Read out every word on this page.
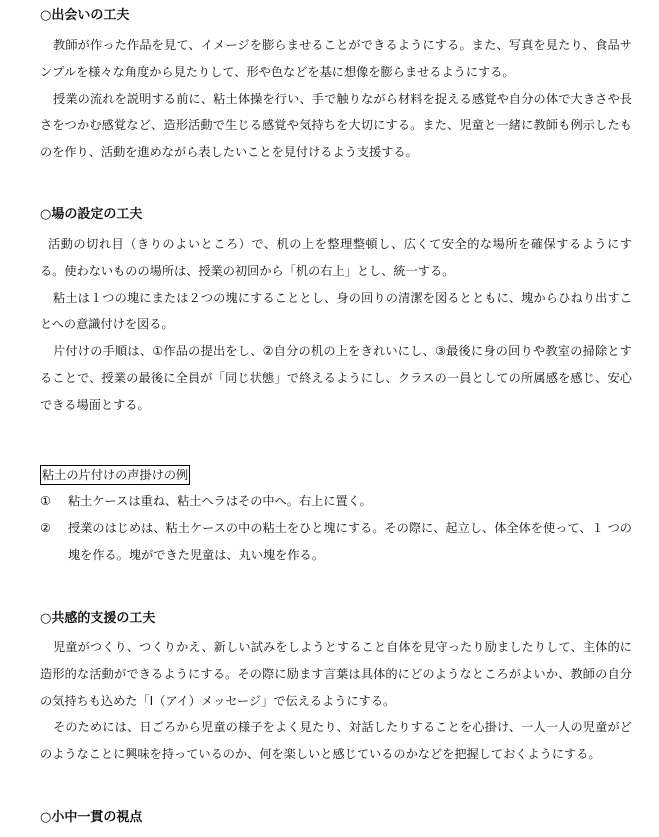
○出会いの工夫

教師が作った作品を見て、イメージを膨らませることができるようにする。また、写真を見たり、食品サンプルを様々な角度から見たりして、形や色などを基に想像を膨らませるようにする。

授業の流れを説明する前に、粘土体操を行い、手で触りながら材料を捉える感覚や自分の体で大きさや長さをつかむ感覚など、造形活動で生じる感覚や気持ちを大切にする。また、児童と一緒に教師も例示したものを作り、活動を進めながら表したいことを見付けるよう支援する。

○場の設定の工夫

活動の切れ目（きりのよいところ）で、机の上を整理整頓し、広くて安全的な場所を確保するようにする。使わないものの場所は、授業の初回から「机の右上」とし、統一する。

粘土は１つの塊にまたは２つの塊にすることとし、身の回りの清潔を図るとともに、塊からひねり出すことへの意識付けを図る。

片付けの手順は、①作品の提出をし、②自分の机の上をきれいにし、③最後に身の回りや教室の掃除とすることで、授業の最後に全員が「同じ状態」で終えるようにし、クラスの一員としての所属感を感じ、安心できる場面とする。

粘土の片付けの声掛けの例
①	粘土ケースは重ね、粘土ヘラはその中へ。右上に置く。
②	授業のはじめは、粘土ケースの中の粘土をひと塊にする。その際に、起立し、体全体を使って、１ つの塊を作る。塊ができた児童は、丸い塊を作る。
○共感的支援の工夫

児童がつくり、つくりかえ、新しい試みをしようとすること自体を見守ったり励ましたりして、主体的に造形的な活動ができるようにする。その際に励ます言葉は具体的にどのようなところがよいか、教師の自分の気持ちも込めた「I（アイ）メッセージ」で伝えるようにする。

そのためには、日ごろから児童の様子をよく見たり、対話したりすることを心掛け、一人一人の児童がどのようなことに興味を持っているのか、何を楽しいと感じているのかなどを把握しておくようにする。

○小中一貫の視点
